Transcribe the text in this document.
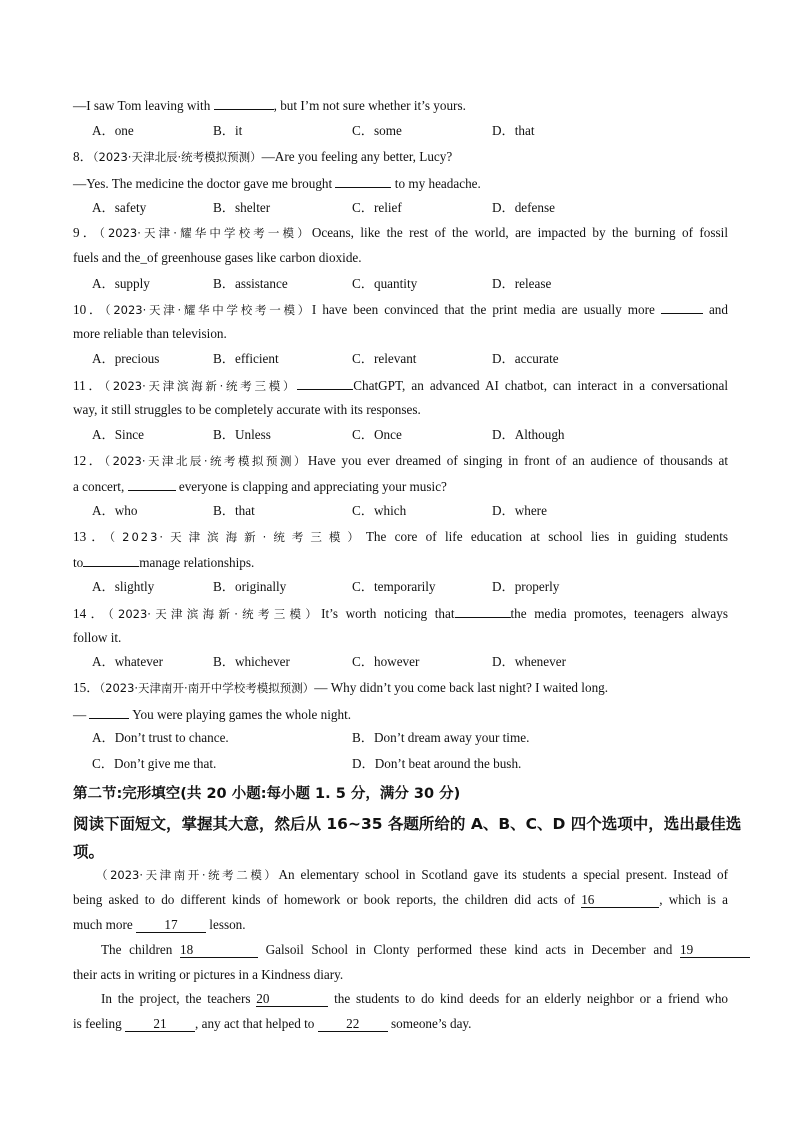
—I saw Tom leaving with	, but I’m not sure whether it’s yours.
A．one	B．it	C．some	D．that
8．（2023·天津北辰·统考模拟预测）—Are you feeling any better, Lucy?
—Yes. The medicine the doctor gave me brought	to my headache.
A．safety	B．shelter	C．relief	D．defense
9．（2023·天津·耀华中学校考一模）Oceans, like the rest of the world, are impacted by the burning of fossil
fuels and the_of greenhouse gases like carbon dioxide.
A．supply	B．assistance	C．quantity	D．release
10．（2023·天津·耀华中学校考一模）I have been convinced that the print media are usually more	and
more reliable than television.
A．precious	B．efficient	C．relevant	D．accurate
11．（2023·天津滨海新·统考三模）	ChatGPT, an advanced AI chatbot, can interact in a conversational
way, it still struggles to be completely accurate with its responses.
A．Since	B．Unless	C．Once	D．Although
12．（2023·天津北辰·统考模拟预测）Have you ever dreamed of singing in front of an audience of thousands at
a concert,	everyone is clapping and appreciating your music?
A．who	B．that	C．which	D．where
13．（2023·天津滨海新·统考三模）The core of life education at school lies in guiding students
to	manage relationships.
A．slightly	B．originally	C．temporarily	D．properly
14．（2023·天津滨海新·统考三模）It’s worth noticing that	the media promotes, teenagers always
follow it.
A．whatever	B．whichever	C．however	D．whenever
15．（2023·天津南开·南开中学校考模拟预测）— Why didn’t you come back last night? I waited long.
—	You were playing games the whole night.
A．Don’t trust to chance.	B．Don’t dream away your time.
C．Don’t give me that.	D．Don’t beat around the bush.
第二节:完形填空(共 20 小题:每小题 1. 5 分，满分 30 分)
阅读下面短文，掌握其大意，然后从 16~35 各题所给的 A、B、C、D 四个选项中，选出最佳选
项。
（2023·天津南开·统考二模）An elementary school in Scotland gave its students a special present. Instead of
being asked to do different kinds of homework or book reports, the children did acts of 16	, which is a
much more 17 lesson.
The children 18	Galsoil School in Clonty performed these kind acts in December and 19
their acts in writing or pictures in a Kindness diary.
In the project, the teachers 20	the students to do kind deeds for an elderly neighbor or a friend who
is feeling 21 , any act that helped to 22 someone’s day.
